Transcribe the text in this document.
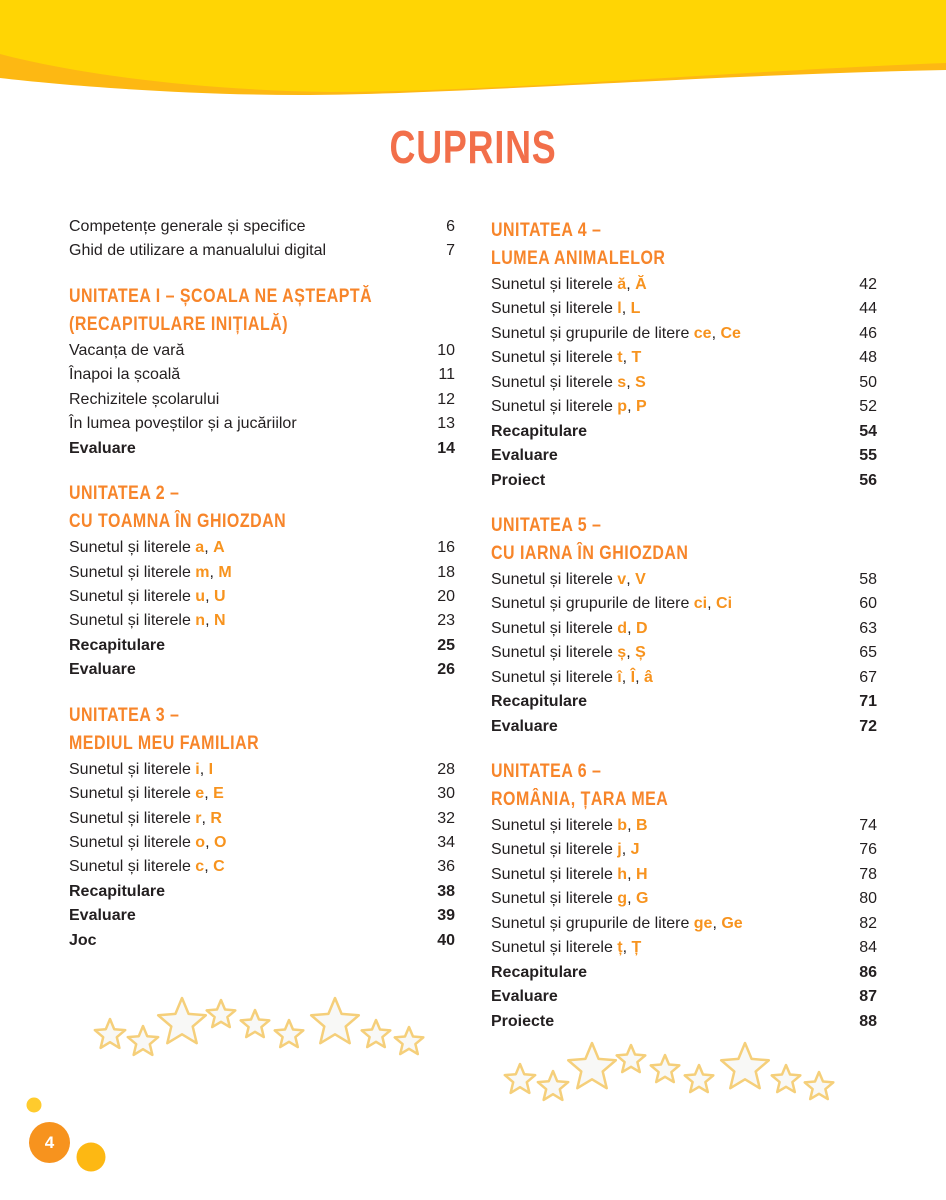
CUPRINS
Competențe generale și specifice	6
Ghid de utilizare a manualului digital	7
UNITATEA I – ȘCOALA NE AȘTEAPTĂ
(RECAPITULARE INIȚIALĂ)
Vacanța de vară	10
Înapoi la școală	11
Rechizitele școlarului	12
În lumea poveștilor și a jucăriilor	13
Evaluare	14
UNITATEA 2 –
CU TOAMNA ÎN GHIOZDAN
Sunetul și literele a, A	16
Sunetul și literele m, M	18
Sunetul și literele u, U	20
Sunetul și literele n, N	23
Recapitulare	25
Evaluare	26
UNITATEA 3 –
MEDIUL MEU FAMILIAR
Sunetul și literele i, I	28
Sunetul și literele e, E	30
Sunetul și literele r, R	32
Sunetul și literele o, O	34
Sunetul și literele c, C	36
Recapitulare	38
Evaluare	39
Joc	40
UNITATEA 4 –
LUMEA ANIMALELOR
Sunetul și literele ă, Ă	42
Sunetul și literele l, L	44
Sunetul și grupurile de litere ce, Ce	46
Sunetul și literele t, T	48
Sunetul și literele s, S	50
Sunetul și literele p, P	52
Recapitulare	54
Evaluare	55
Proiect	56
UNITATEA 5 –
CU IARNA ÎN GHIOZDAN
Sunetul și literele v, V	58
Sunetul și grupurile de litere ci, Ci	60
Sunetul și literele d, D	63
Sunetul și literele ș, Ș	65
Sunetul și literele î, Î, â	67
Recapitulare	71
Evaluare	72
UNITATEA 6 –
ROMÂNIA, ȚARA MEA
Sunetul și literele b, B	74
Sunetul și literele j, J	76
Sunetul și literele h, H	78
Sunetul și literele g, G	80
Sunetul și grupurile de litere ge, Ge	82
Sunetul și literele ț, Ț	84
Recapitulare	86
Evaluare	87
Proiecte	88
4
